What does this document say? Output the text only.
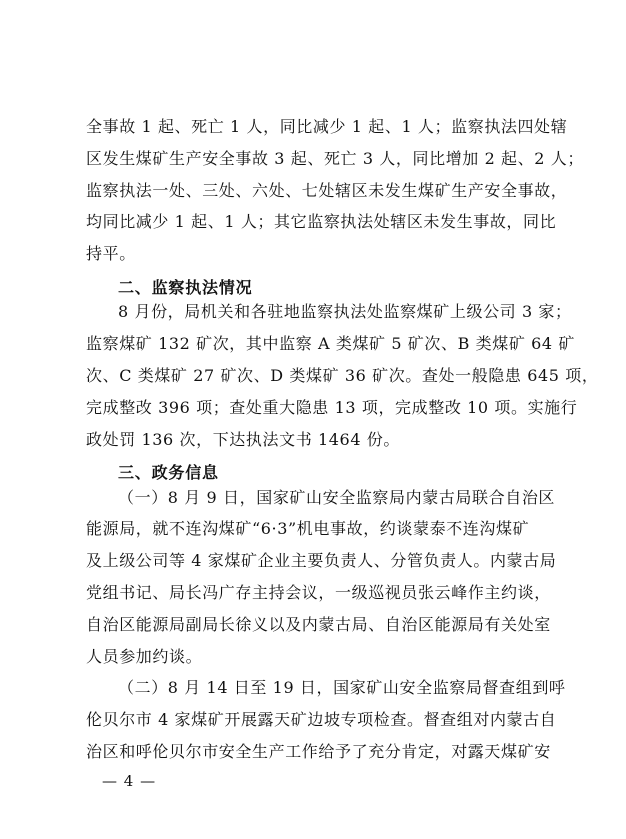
全事故 1 起、死亡 1 人，同比减少 1 起、1 人；监察执法四处辖
区发生煤矿生产安全事故 3 起、死亡 3 人，同比增加 2 起、2 人；
监察执法一处、三处、六处、七处辖区未发生煤矿生产安全事故，
均同比减少 1 起、1 人；其它监察执法处辖区未发生事故，同比
持平。
二、监察执法情况
8 月份，局机关和各驻地监察执法处监察煤矿上级公司 3 家；
监察煤矿 132 矿次，其中监察 A 类煤矿 5 矿次、B 类煤矿 64 矿
次、C 类煤矿 27 矿次、D 类煤矿 36 矿次。查处一般隐患 645 项，
完成整改 396 项；查处重大隐患 13 项，完成整改 10 项。实施行
政处罚 136 次，下达执法文书 1464 份。
三、政务信息
（一）8 月 9 日，国家矿山安全监察局内蒙古局联合自治区
能源局，就不连沟煤矿“6·3”机电事故，约谈蒙泰不连沟煤矿
及上级公司等 4 家煤矿企业主要负责人、分管负责人。内蒙古局
党组书记、局长冯广存主持会议，一级巡视员张云峰作主约谈，
自治区能源局副局长徐义以及内蒙古局、自治区能源局有关处室
人员参加约谈。
（二）8 月 14 日至 19 日，国家矿山安全监察局督查组到呼
伦贝尔市 4 家煤矿开展露天矿边坡专项检查。督查组对内蒙古自
治区和呼伦贝尔市安全生产工作给予了充分肯定，对露天煤矿安
— 4 —
